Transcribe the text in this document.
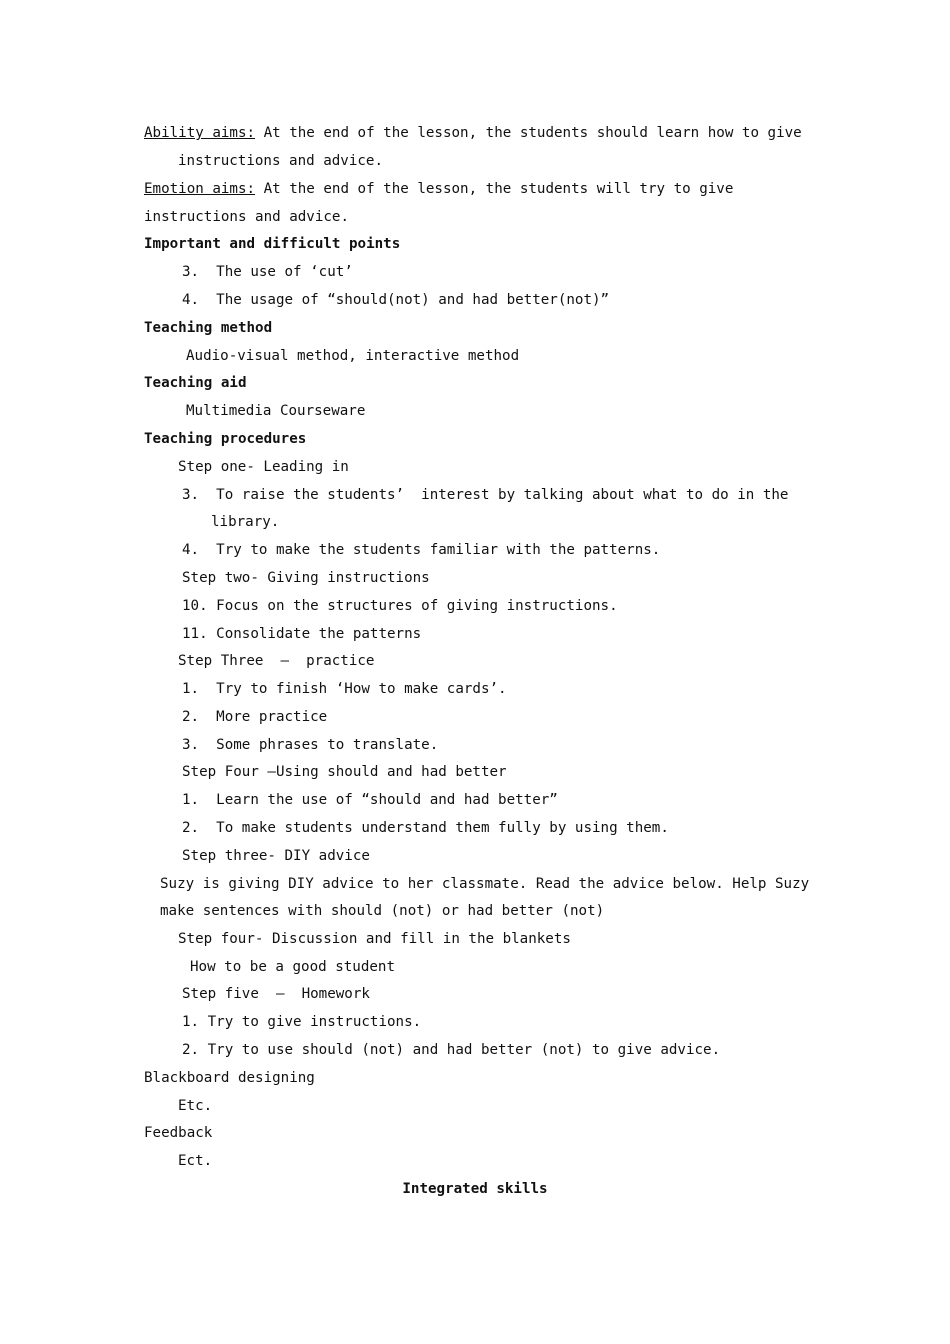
Ability aims: At the end of the lesson, the students should learn how to give
instructions and advice.
Emotion aims: At the end of the lesson, the students will try to give
instructions and advice.
Important and difficult points
3.  The use of ‘cut’
4.  The usage of “should(not) and had better(not)”
Teaching method
Audio-visual method, interactive method
Teaching aid
Multimedia Courseware
Teaching procedures
Step one- Leading in
3.  To raise the students’  interest by talking about what to do in the
library.
4.  Try to make the students familiar with the patterns.
Step two- Giving instructions
10. Focus on the structures of giving instructions.
11. Consolidate the patterns
Step Three  –  practice
1.  Try to finish ‘How to make cards’.
2.  More practice
3.  Some phrases to translate.
Step Four –Using should and had better
1.  Learn the use of “should and had better”
2.  To make students understand them fully by using them.
Step three- DIY advice
Suzy is giving DIY advice to her classmate. Read the advice below. Help Suzy
make sentences with should (not) or had better (not)
Step four- Discussion and fill in the blankets
How to be a good student
Step five  –  Homework
1. Try to give instructions.
2. Try to use should (not) and had better (not) to give advice.
Blackboard designing
Etc.
Feedback
Ect.
Integrated skills
